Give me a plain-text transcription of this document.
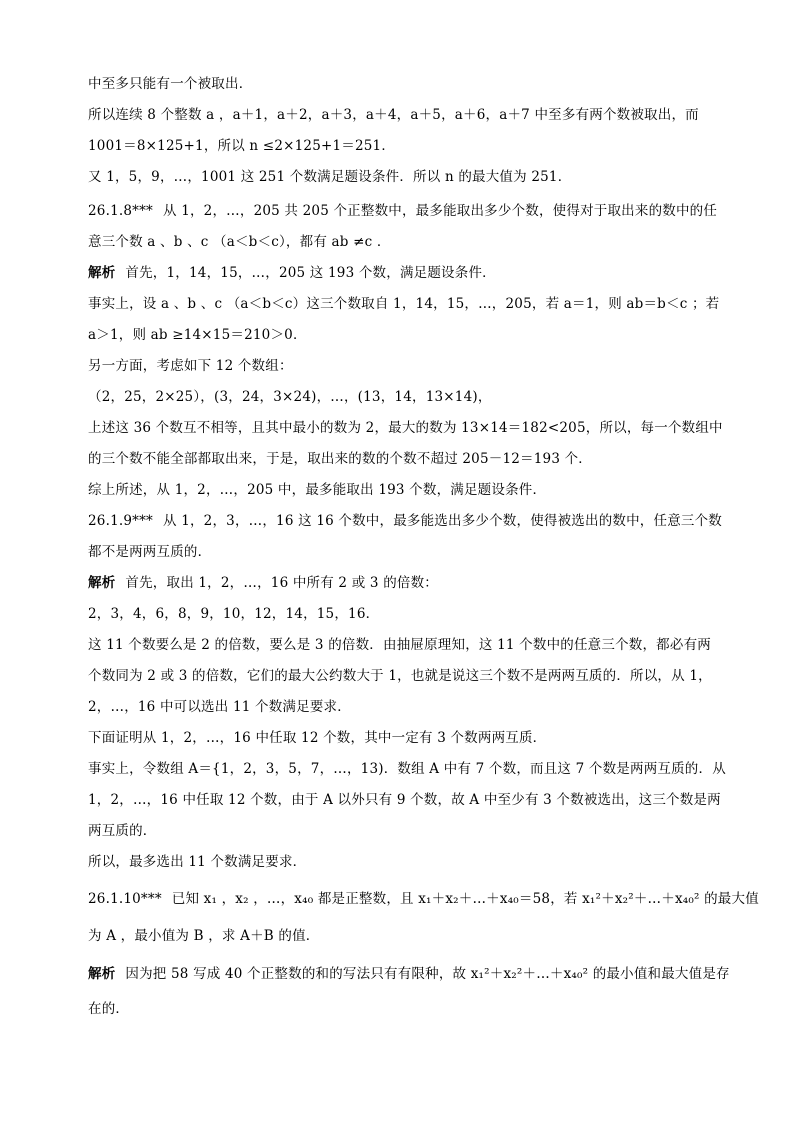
中至多只能有一个被取出．
所以连续 8 个整数 a ，a＋1，a＋2，a＋3，a＋4，a＋5，a＋6，a＋7 中至多有两个数被取出，而
1001＝8×125+1，所以 n ≤2×125+1＝251．
又 1，5，9，…，1001 这 251 个数满足题设条件．所以 n 的最大值为 251．
26.1.8*** 从 1，2，…，205 共 205 个正整数中，最多能取出多少个数，使得对于取出来的数中的任
意三个数 a 、b 、c （a＜b＜c），都有 ab ≠c ．
解析 首先，1，14，15，…，205 这 193 个数，满足题设条件．
事实上，设 a 、b 、c （a＜b＜c）这三个数取自 1，14，15，…，205，若 a＝1，则 ab＝b＜c ；若
a＞1，则 ab ≥14×15＝210＞0．
另一方面，考虑如下 12 个数组：
（2，25，2×25），(3，24，3×24)，…，(13，14，13×14)，
上述这 36 个数互不相等，且其中最小的数为 2，最大的数为 13×14＝182<205，所以，每一个数组中
的三个数不能全部都取出来，于是，取出来的数的个数不超过 205－12＝193 个．
综上所述，从 1，2，…，205 中，最多能取出 193 个数，满足题设条件．
26.1.9*** 从 1，2，3，…，16 这 16 个数中，最多能选出多少个数，使得被选出的数中，任意三个数
都不是两两互质的．
解析 首先，取出 1，2，…，16 中所有 2 或 3 的倍数：
2，3，4，6，8，9，10，12，14，15，16．
这 11 个数要么是 2 的倍数，要么是 3 的倍数．由抽屉原理知，这 11 个数中的任意三个数，都必有两
个数同为 2 或 3 的倍数，它们的最大公约数大于 1，也就是说这三个数不是两两互质的．所以，从 1，
2，…，16 中可以选出 11 个数满足要求．
下面证明从 1，2，…，16 中任取 12 个数，其中一定有 3 个数两两互质．
事实上，令数组 A＝{1，2，3，5，7，…，13)．数组 A 中有 7 个数，而且这 7 个数是两两互质的．从
1，2，…，16 中任取 12 个数，由于 A 以外只有 9 个数，故 A 中至少有 3 个数被选出，这三个数是两
两互质的．
所以，最多选出 11 个数满足要求．
26.1.10*** 已知 x₁ ，x₂ ，…，x₄₀ 都是正整数，且 x₁＋x₂＋…＋x₄₀＝58，若 x₁²＋x₂²＋…＋x₄₀² 的最大值
为 A ，最小值为 B ，求 A＋B 的值．
解析 因为把 58 写成 40 个正整数的和的写法只有有限种，故 x₁²＋x₂²＋…＋x₄₀² 的最小值和最大值是存
在的．
